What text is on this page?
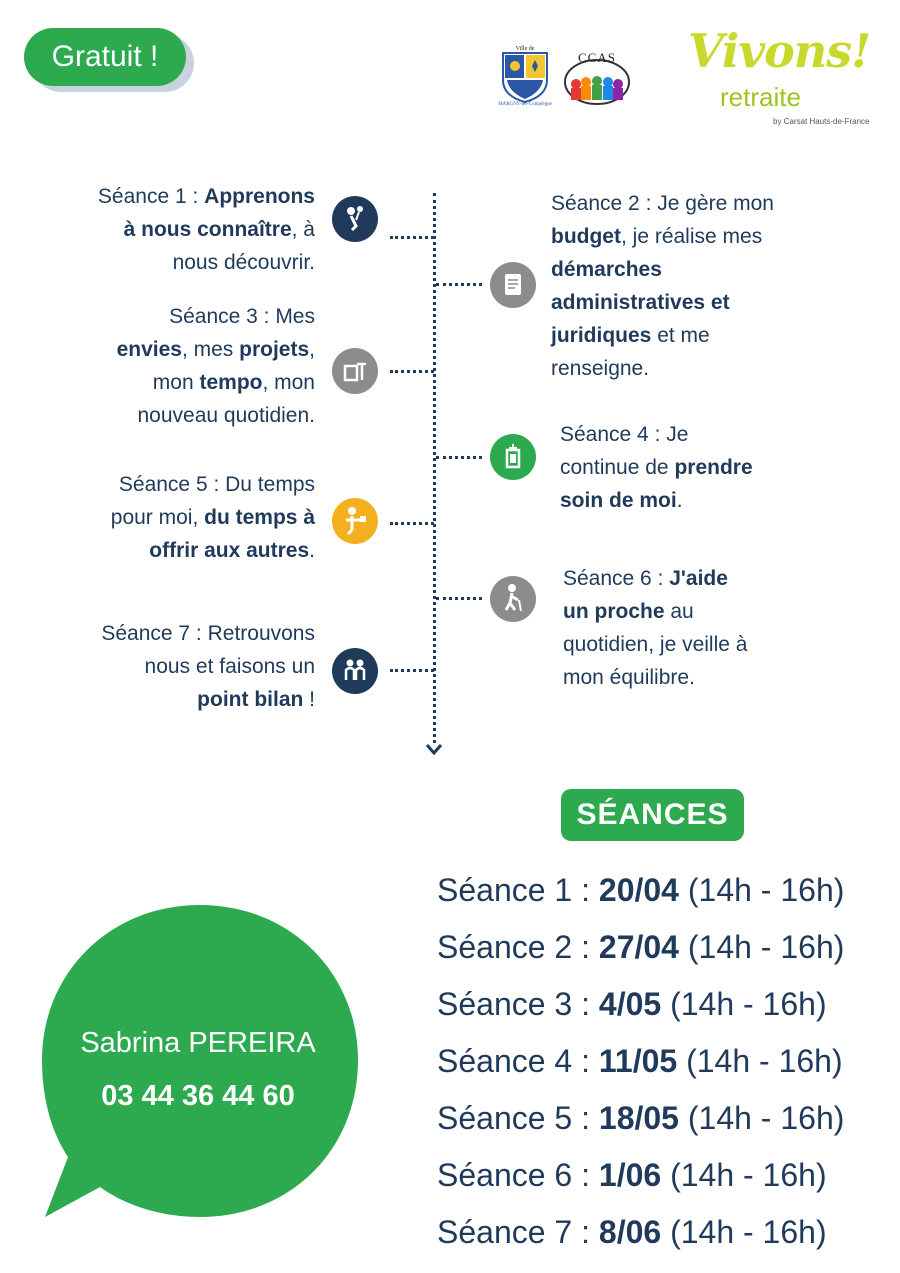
Gratuit !	Ville de
MARGNY-lès-Compiègne
CCAS	Vivons!
retraite
by Carsat Hauts-de-France
Séance 1 : Apprenons
à nous connaître, à
nous découvrir.
Séance 2 : Je gère mon
budget, je réalise mes
démarches
administratives et
juridiques et me
renseigne.
Séance 3 : Mes
envies, mes projets,
mon tempo, mon
nouveau quotidien.
Séance 4 : Je
continue de prendre
soin de moi.
Séance 5 : Du temps
pour moi, du temps à
offrir aux autres.
Séance 6 : J'aide
un proche au
quotidien, je veille à
mon équilibre.
Séance 7 : Retrouvons
nous et faisons un
point bilan !
SÉANCES
Séance 1 : 20/04 (14h - 16h)
Séance 2 : 27/04 (14h - 16h)
Séance 3 : 4/05 (14h - 16h)
Séance 4 : 11/05 (14h - 16h)
Séance 5 : 18/05 (14h - 16h)
Séance 6 : 1/06 (14h - 16h)
Séance 7 : 8/06 (14h - 16h)
Sabrina PEREIRA
03 44 36 44 60
